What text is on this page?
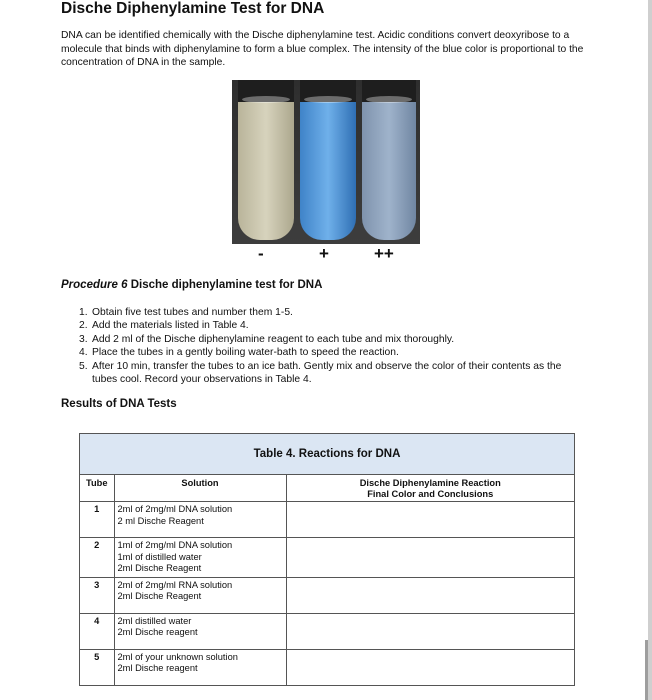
Dische Diphenylamine Test for DNA

DNA can be identified chemically with the Dische diphenylamine test. Acidic conditions convert deoxyribose to a molecule that binds with diphenylamine to form a blue complex. The intensity of the blue color is proportional to the concentration of DNA in the sample.

-	+	++

Procedure 6 Dische diphenylamine test for DNA

1. Obtain five test tubes and number them 1-5.
2. Add the materials listed in Table 4.
3. Add 2 ml of the Dische diphenylamine reagent to each tube and mix thoroughly.
4. Place the tubes in a gently boiling water-bath to speed the reaction.
5. After 10 min, transfer the tubes to an ice bath. Gently mix and observe the color of their contents as the tubes cool. Record your observations in Table 4.

Results of DNA Tests

Table 4. Reactions for DNA
Tube	Solution	Dische Diphenylamine Reaction
Final Color and Conclusions

1	2ml of 2mg/ml DNA solution
2 ml Dische Reagent	

2	1ml of 2mg/ml DNA solution
1ml of distilled water
2ml Dische Reagent	

3	2ml of 2mg/ml RNA solution
2ml Dische Reagent	

4	2ml distilled water
2ml Dische reagent	

5	2ml of your unknown solution
2ml Dische reagent	
